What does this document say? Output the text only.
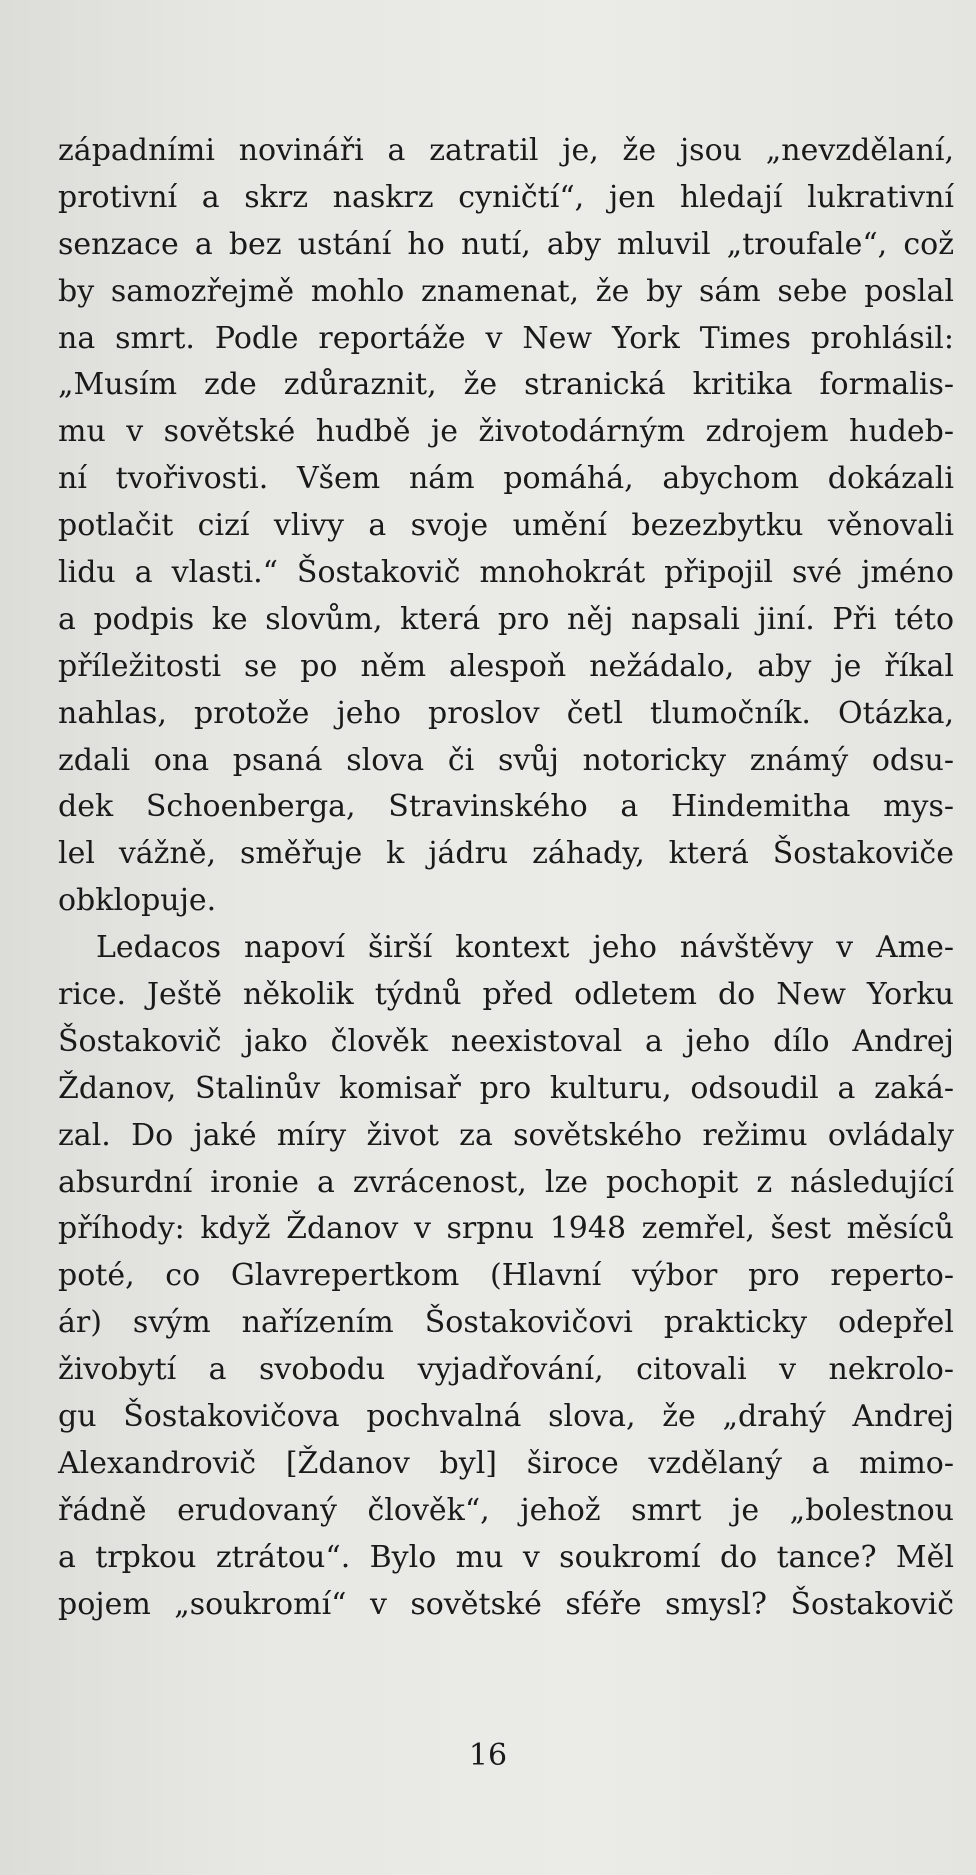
západními novináři a zatratil je, že jsou „nevzdělaní,
protivní a skrz naskrz cyničtí“, jen hledají lukrativní
senzace a bez ustání ho nutí, aby mluvil „troufale“, což
by samozřejmě mohlo znamenat, že by sám sebe poslal
na smrt. Podle reportáže v New York Times prohlásil:
„Musím zde zdůraznit, že stranická kritika formalis-
mu v sovětské hudbě je životodárným zdrojem hudeb-
ní tvořivosti. Všem nám pomáhá, abychom dokázali
potlačit cizí vlivy a svoje umění bezezbytku věnovali
lidu a vlasti.“ Šostakovič mnohokrát připojil své jméno
a podpis ke slovům, která pro něj napsali jiní. Při této
příležitosti se po něm alespoň nežádalo, aby je říkal
nahlas, protože jeho proslov četl tlumočník. Otázka,
zdali ona psaná slova či svůj notoricky známý odsu-
dek Schoenberga, Stravinského a Hindemitha mys-
lel vážně, směřuje k jádru záhady, která Šostakoviče
obklopuje.
Ledacos napoví širší kontext jeho návštěvy v Ame-
rice. Ještě několik týdnů před odletem do New Yorku
Šostakovič jako člověk neexistoval a jeho dílo Andrej
Ždanov, Stalinův komisař pro kulturu, odsoudil a zaká-
zal. Do jaké míry život za sovětského režimu ovládaly
absurdní ironie a zvrácenost, lze pochopit z následující
příhody: když Ždanov v srpnu 1948 zemřel, šest měsíců
poté, co Glavrepertkom (Hlavní výbor pro reperto-
ár) svým nařízením Šostakovičovi prakticky odepřel
živobytí a svobodu vyjadřování, citovali v nekrolo-
gu Šostakovičova pochvalná slova, že „drahý Andrej
Alexandrovič [Ždanov byl] široce vzdělaný a mimo-
řádně erudovaný člověk“, jehož smrt je „bolestnou
a trpkou ztrátou“. Bylo mu v soukromí do tance? Měl
pojem „soukromí“ v sovětské sféře smysl? Šostakovič
16
